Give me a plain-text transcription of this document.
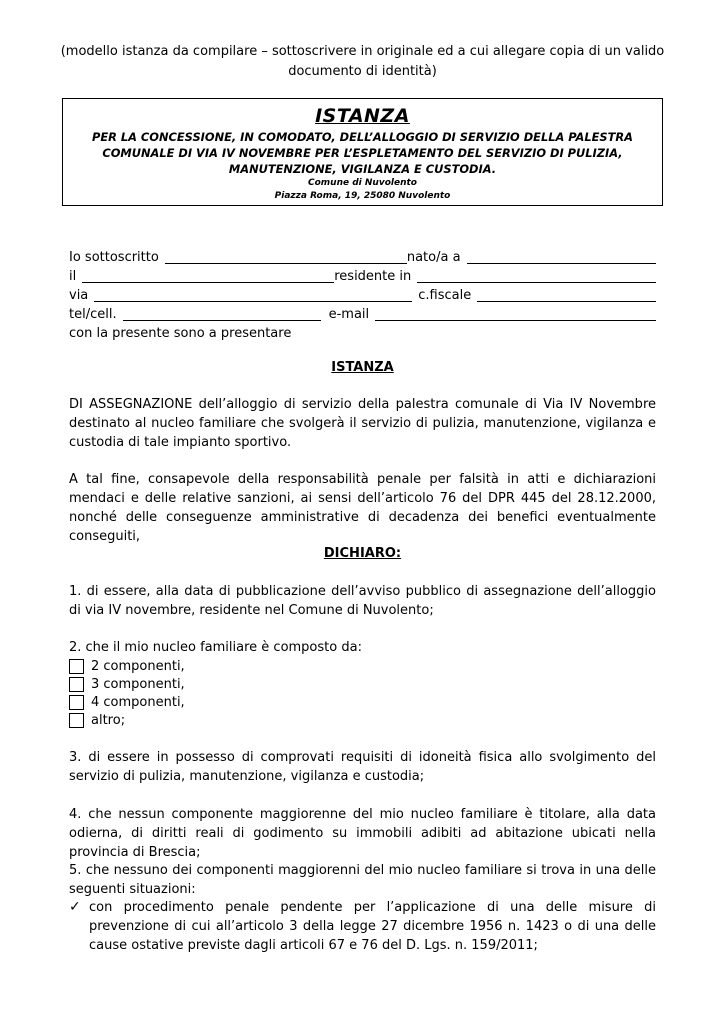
(modello istanza da compilare – sottoscrivere in originale ed a cui allegare copia di un valido documento di identità)
ISTANZA
PER LA CONCESSIONE, IN COMODATO, DELL’ALLOGGIO DI SERVIZIO DELLA PALESTRA COMUNALE DI VIA IV NOVEMBRE PER L’ESPLETAMENTO DEL SERVIZIO DI PULIZIA, MANUTENZIONE, VIGILANZA E CUSTODIA.
Comune di Nuvolento
Piazza Roma, 19, 25080 Nuvolento
Io sottoscritto	nato/a a
il	residente in
via	c.fiscale
tel/cell.	e-mail
con la presente sono a presentare
ISTANZA

DI ASSEGNAZIONE dell’alloggio di servizio della palestra comunale di Via IV Novembre destinato al nucleo familiare che svolgerà il servizio di pulizia, manutenzione, vigilanza e custodia di tale impianto sportivo.

A tal fine, consapevole della responsabilità penale per falsità in atti e dichiarazioni mendaci e delle relative sanzioni, ai sensi dell’articolo 76 del DPR 445 del 28.12.2000, nonché delle conseguenze amministrative di decadenza dei benefici eventualmente conseguiti,

DICHIARO:

1. di essere, alla data di pubblicazione dell’avviso pubblico di assegnazione dell’alloggio di via IV novembre, residente nel Comune di Nuvolento;

2. che il mio nucleo familiare è composto da:

2 componenti,
3 componenti,
4 componenti,
altro;

3. di essere in possesso di comprovati requisiti di idoneità fisica allo svolgimento del servizio di pulizia, manutenzione, vigilanza e custodia;

4. che nessun componente maggiorenne del mio nucleo familiare è titolare, alla data odierna, di diritti reali di godimento su immobili adibiti ad abitazione ubicati nella provincia di Brescia;

5. che nessuno dei componenti maggiorenni del mio nucleo familiare si trova in una delle seguenti situazioni:

✓ con procedimento penale pendente per l’applicazione di una delle misure di prevenzione di cui all’articolo 3 della legge 27 dicembre 1956 n. 1423 o di una delle cause ostative previste dagli articoli 67 e 76 del D. Lgs. n. 159/2011;
